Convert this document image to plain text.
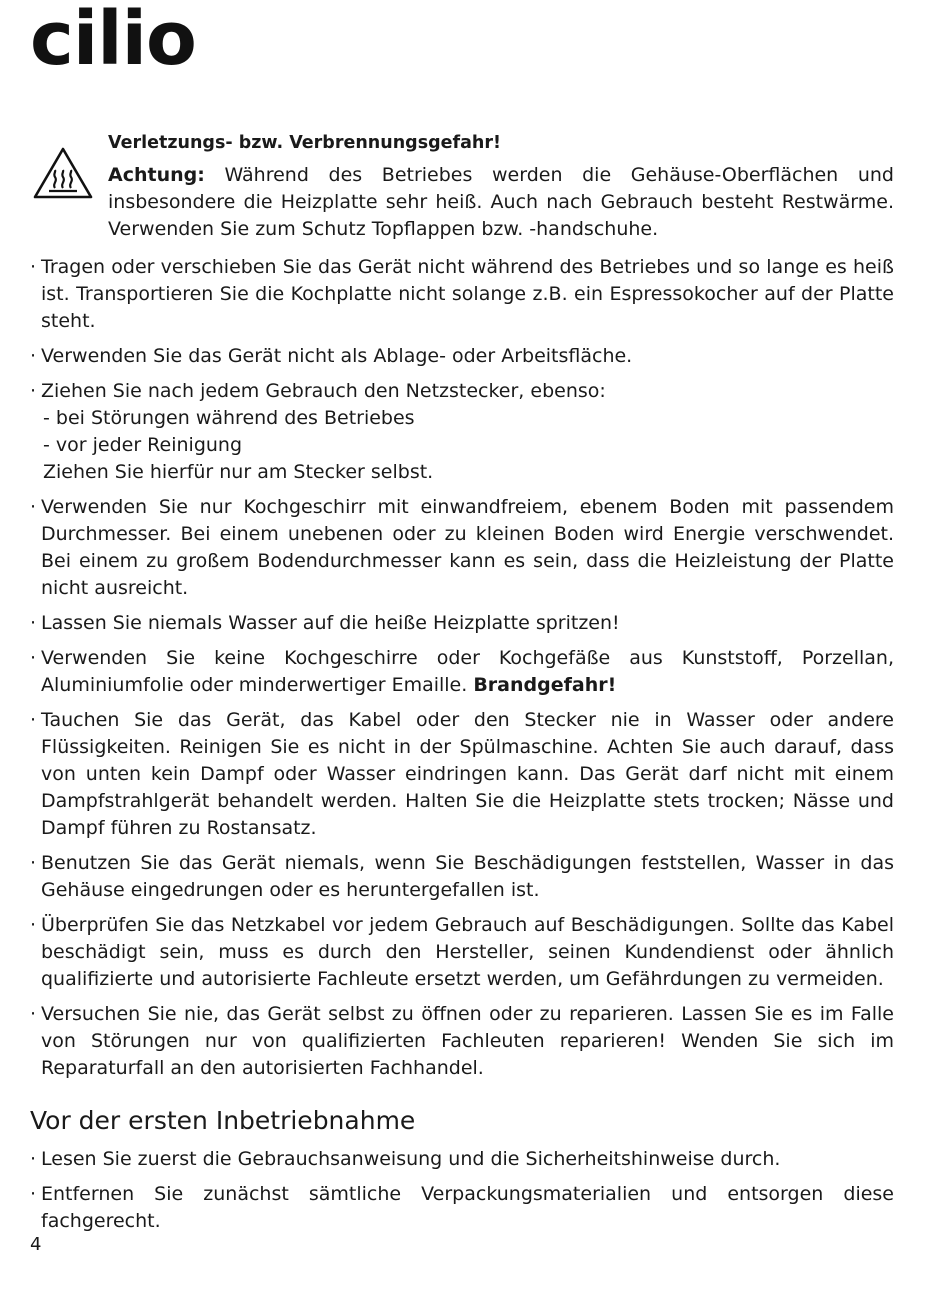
cilio

Verletzungs- bzw. Verbrennungsgefahr!

Achtung: Während des Betriebes werden die Gehäuse-Oberflächen und insbesondere die Heizplatte sehr heiß. Auch nach Gebrauch besteht Restwärme. Verwenden Sie zum Schutz Topflappen bzw. -handschuhe.

· Tragen oder verschieben Sie das Gerät nicht während des Betriebes und so lange es heiß ist. Transportieren Sie die Kochplatte nicht solange z.B. ein Espressokocher auf der Platte steht.

· Verwenden Sie das Gerät nicht als Ablage- oder Arbeitsfläche.

· Ziehen Sie nach jedem Gebrauch den Netzstecker, ebenso:
- bei Störungen während des Betriebes
- vor jeder Reinigung
Ziehen Sie hierfür nur am Stecker selbst.

· Verwenden Sie nur Kochgeschirr mit einwandfreiem, ebenem Boden mit passendem Durchmesser. Bei einem unebenen oder zu kleinen Boden wird Energie verschwendet. Bei einem zu großem Bodendurchmesser kann es sein, dass die Heizleistung der Platte nicht ausreicht.

· Lassen Sie niemals Wasser auf die heiße Heizplatte spritzen!

· Verwenden Sie keine Kochgeschirre oder Kochgefäße aus Kunststoff, Porzellan, Aluminiumfolie oder minderwertiger Emaille. Brandgefahr!

· Tauchen Sie das Gerät, das Kabel oder den Stecker nie in Wasser oder andere Flüssigkeiten. Reinigen Sie es nicht in der Spülmaschine. Achten Sie auch darauf, dass von unten kein Dampf oder Wasser eindringen kann. Das Gerät darf nicht mit einem Dampfstrahlgerät behandelt werden. Halten Sie die Heizplatte stets trocken; Nässe und Dampf führen zu Rostansatz.

· Benutzen Sie das Gerät niemals, wenn Sie Beschädigungen feststellen, Wasser in das Gehäuse eingedrungen oder es heruntergefallen ist.

· Überprüfen Sie das Netzkabel vor jedem Gebrauch auf Beschädigungen. Sollte das Kabel beschädigt sein, muss es durch den Hersteller, seinen Kundendienst oder ähnlich qualifizierte und autorisierte Fachleute ersetzt werden, um Gefährdungen zu vermeiden.

· Versuchen Sie nie, das Gerät selbst zu öffnen oder zu reparieren. Lassen Sie es im Falle von Störungen nur von qualifizierten Fachleuten reparieren! Wenden Sie sich im Reparaturfall an den autorisierten Fachhandel.

Vor der ersten Inbetriebnahme

· Lesen Sie zuerst die Gebrauchsanweisung und die Sicherheitshinweise durch.

· Entfernen Sie zunächst sämtliche Verpackungsmaterialien und entsorgen diese fachgerecht.

4
